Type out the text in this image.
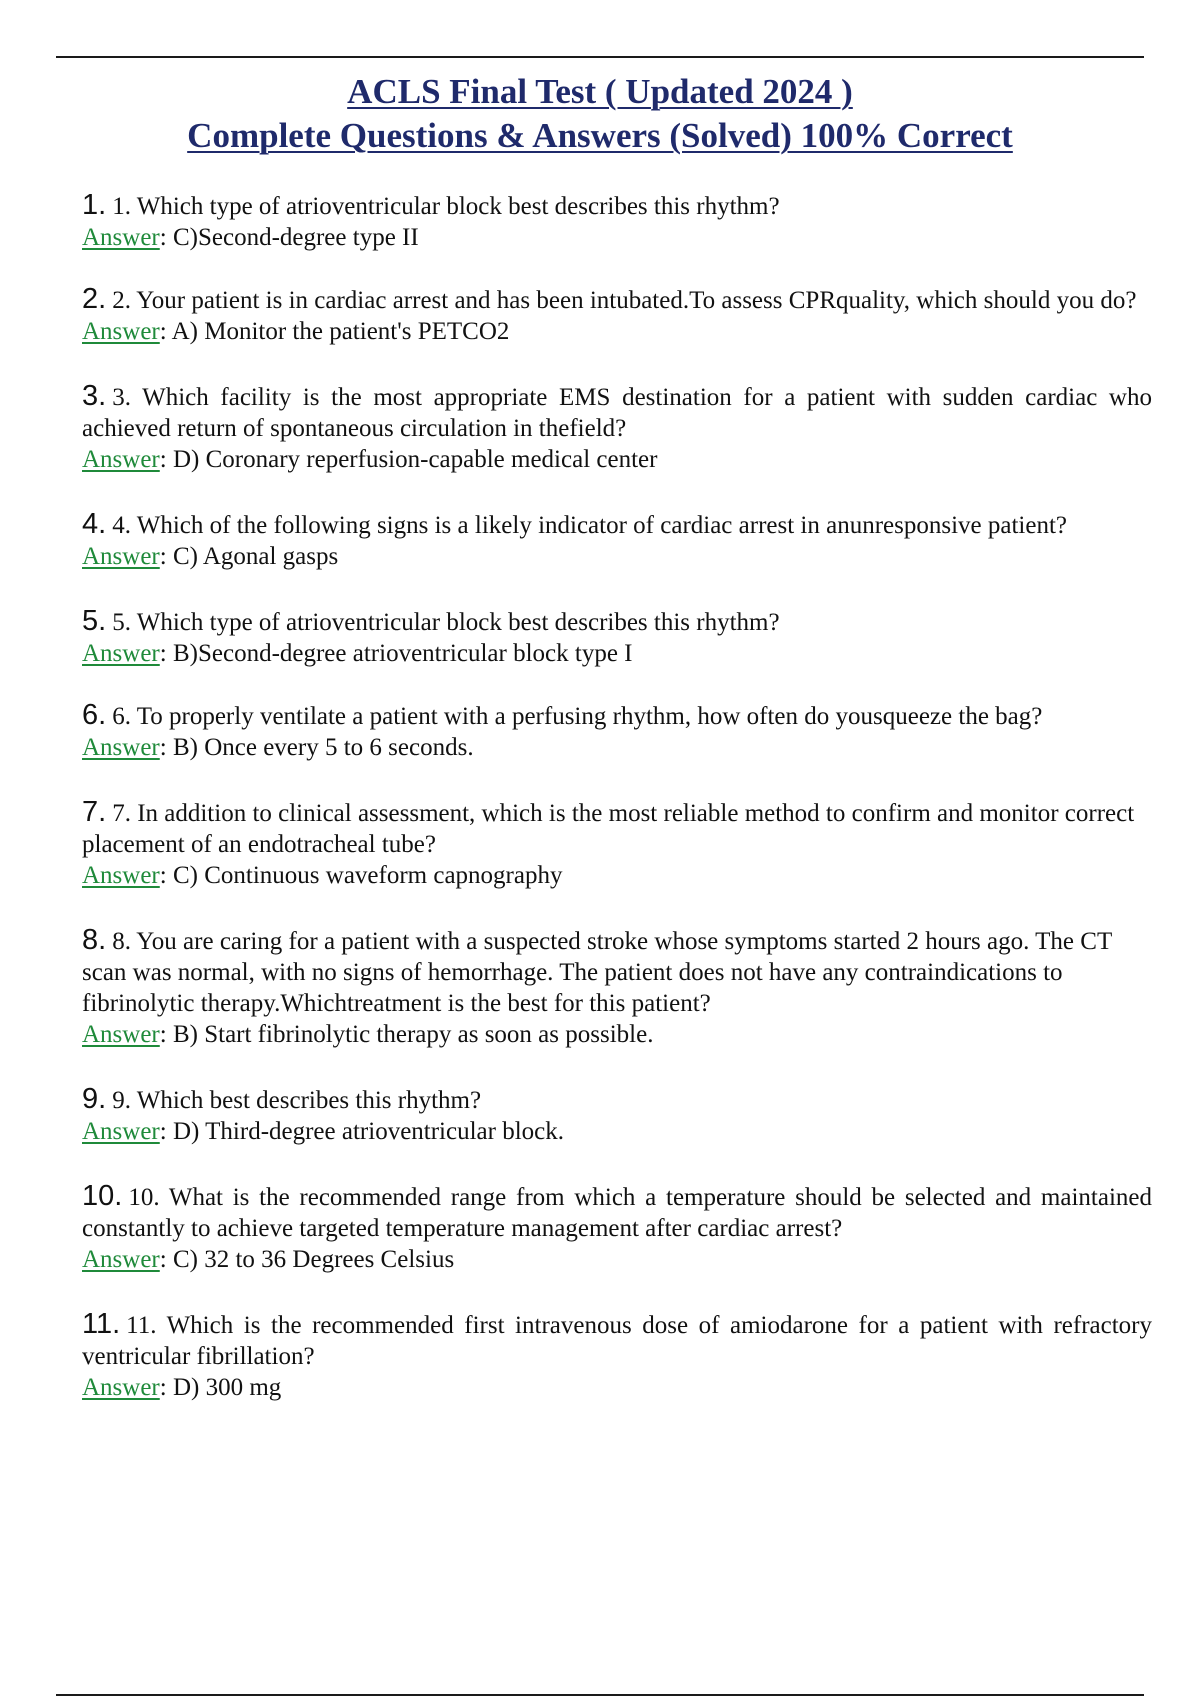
ACLS Final Test ( Updated 2024 )
Complete Questions & Answers (Solved) 100% Correct
1. 1. Which type of atrioventricular block best describes this rhythm?
Answer: C)Second-degree type II
2. 2. Your patient is in cardiac arrest and has been intubated.To assess CPRquality, which should you do?
Answer: A) Monitor the patient's PETCO2
3. 3. Which facility is the most appropriate EMS destination for a patient with sudden cardiac who achieved return of spontaneous circulation in thefield?
Answer: D) Coronary reperfusion-capable medical center
4. 4. Which of the following signs is a likely indicator of cardiac arrest in anunresponsive patient?
Answer: C) Agonal gasps
5. 5. Which type of atrioventricular block best describes this rhythm?
Answer: B)Second-degree atrioventricular block type I
6. 6. To properly ventilate a patient with a perfusing rhythm, how often do yousqueeze the bag?
Answer: B) Once every 5 to 6 seconds.
7. 7. In addition to clinical assessment, which is the most reliable method to confirm and monitor correct placement of an endotracheal tube?
Answer: C) Continuous waveform capnography
8. 8. You are caring for a patient with a suspected stroke whose symptoms started 2 hours ago. The CT scan was normal, with no signs of hemorrhage. The patient does not have any contraindications to fibrinolytic therapy.Whichtreatment is the best for this patient?
Answer: B) Start fibrinolytic therapy as soon as possible.
9. 9. Which best describes this rhythm?
Answer: D) Third-degree atrioventricular block.
10. 10. What is the recommended range from which a temperature should be selected and maintained constantly to achieve targeted temperature management after cardiac arrest?
Answer: C) 32 to 36 Degrees Celsius
11. 11. Which is the recommended first intravenous dose of amiodarone for a patient with refractory ventricular fibrillation?
Answer: D) 300 mg
